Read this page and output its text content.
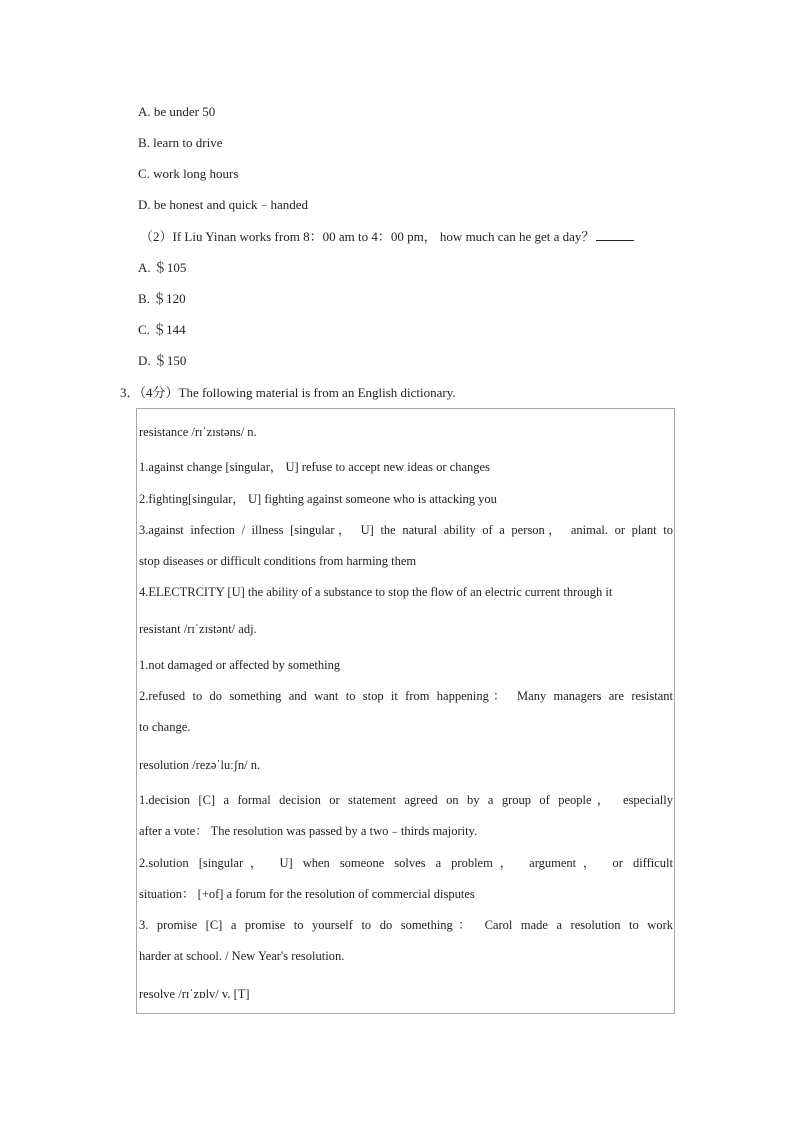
A. be under 50
B. learn to drive
C. work long hours
D. be honest and quick﹣handed
（2）If Liu Yinan works from 8：00 am to 4：00 pm， how much can he get a day？
A. ＄105
B. ＄120
C. ＄144
D. ＄150
3．（4分）The following material is from an English dictionary.
resistance /rɪˈzɪstəns/ n.
1.against change [singular， U] refuse to accept new ideas or changes
2.fighting[singular， U] fighting against someone who is attacking you
3.against infection / illness [singular， U] the natural ability of a person， animal. or plant to
stop diseases or difficult conditions from harming them
4.ELECTRCITY [U] the ability of a substance to stop the flow of an electric current through it
resistant /rɪˈzɪstənt/ adj.
1.not damaged or affected by something
2.refused to do something and want to stop it from happening： Many managers are resistant
to change.
resolution /rezəˈluːʃn/ n.
1.decision [C] a formal decision or statement agreed on by a group of people， especially
after a vote： The resolution was passed by a two﹣thirds majority.
2.solution [singular， U] when someone solves a problem， argument， or difficult
situation： [+of] a forum for the resolution of commercial disputes
3. promise [C] a promise to yourself to do something： Carol made a resolution to work
harder at school. / New Year's resolution.
resolve /rɪˈzɒlv/ v. [T]
